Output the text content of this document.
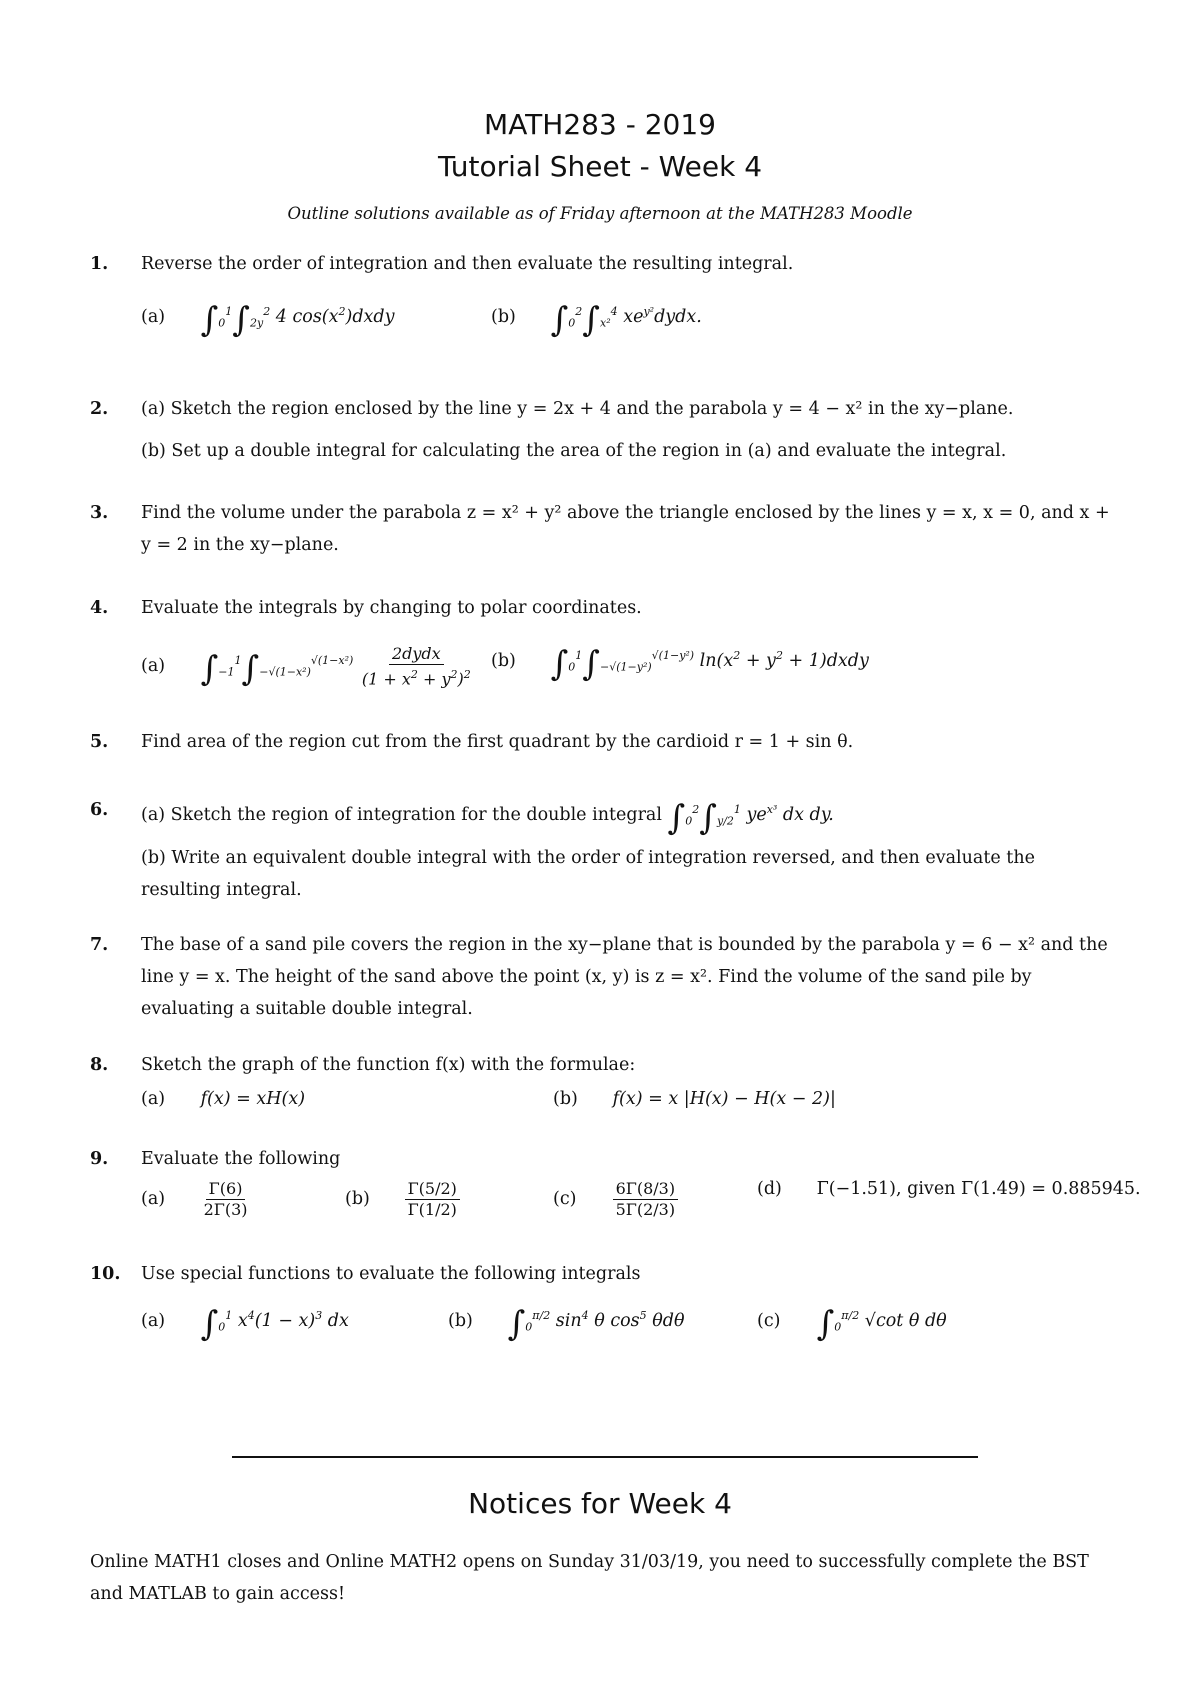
MATH283 - 2019
Tutorial Sheet - Week 4
Outline solutions available as of Friday afternoon at the MATH283 Moodle
1. Reverse the order of integration and then evaluate the resulting integral.
(a) $\int_0^1\int_{2y}^2$ 4 $\cos(x^2)dxdy$	(b) $\int_0^2\int_{x^2}^4$ $xe^{y^2}dydx$.
2. (a) Sketch the region enclosed by the line y = 2x + 4 and the parabola y = 4 − x² in the xy−plane.
(b) Set up a double integral for calculating the area of the region in (a) and evaluate the integral.
3. Find the volume under the parabola z = x² + y² above the triangle enclosed by the lines y = x, x = 0, and x + y = 2 in the xy−plane.
4. Evaluate the integrals by changing to polar coordinates.
(a) $\int_{-1}^1\int_{-√(1-x^2)}^{√(1-x^2)} \frac{\text{2dydx}}{(1 + x^2 + y^2)^2} (b)$ $\int_0^1\int_{-√(1-y^2)}^{√(1-y^2)}$ $\ln(x^2 + y^2$ + 1)dxdy
5. Find area of the region cut from the first quadrant by the cardioid r = 1 + sin θ.
6. (a) Sketch the region of integration for the double integral $\int_0^2\int_{y/2}^1$ $ye^{x^3}$ dx dy.
(b) Write an equivalent double integral with the order of integration reversed, and then evaluate the resulting integral.
7. The base of a sand pile covers the region in the xy−plane that is bounded by the parabola y = 6 − x² and the line y = x. The height of the sand above the point (x, y) is z = x². Find the volume of the sand pile by evaluating a suitable double integral.
8. Sketch the graph of the function f(x) with the formulae:
(a) f(x) = xH(x)	(b) f(x) = x |H(x) − H(x − 2)|
9. Evaluate the following
$(a) \frac{\Gamma(6)}{2\Gamma(3)}$	$(b) \frac{\Gamma(5/2)}{\Gamma(1/2)}$	$(c) \frac{6\Gamma(8/3)}{5\Gamma(2/3)}$	(d) Γ(−1.51), given Γ(1.49) = 0.885945.
10. Use special functions to evaluate the following integrals
(a) $\int_0^1$ $x^4(1 - x)^3$ dx	(b) $\int_0^{\pi/2}$ $\sin^4 \theta$ $\cos^5 \theta d\theta$	(c) $\int_0^{\pi/2}$ √cot θ dθ
Notices for Week 4
Online MATH1 closes and Online MATH2 opens on Sunday 31/03/19, you need to successfully complete the BST and MATLAB to gain access!
